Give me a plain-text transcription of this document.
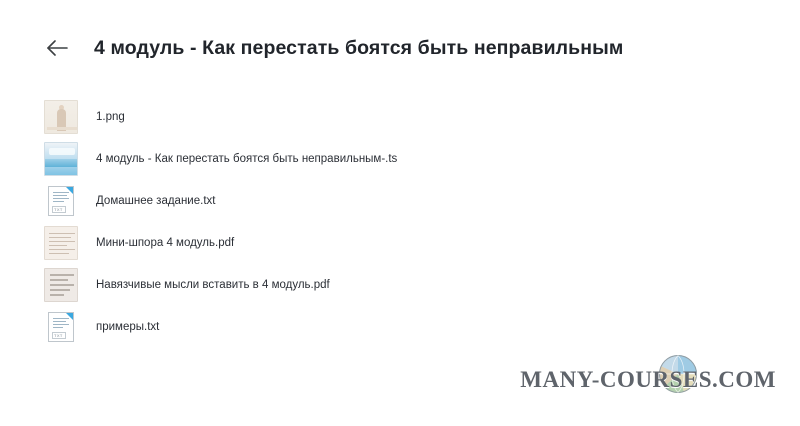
4 модуль - Как перестать боятся быть неправильным
1.png
4 модуль - Как перестать боятся быть неправильным-.ts
TXT
Домашнее задание.txt
Мини-шпора 4 модуль.pdf
Навязчивые мысли вставить в 4 модуль.pdf
TXT
примеры.txt
MANY-COURSES.COM
